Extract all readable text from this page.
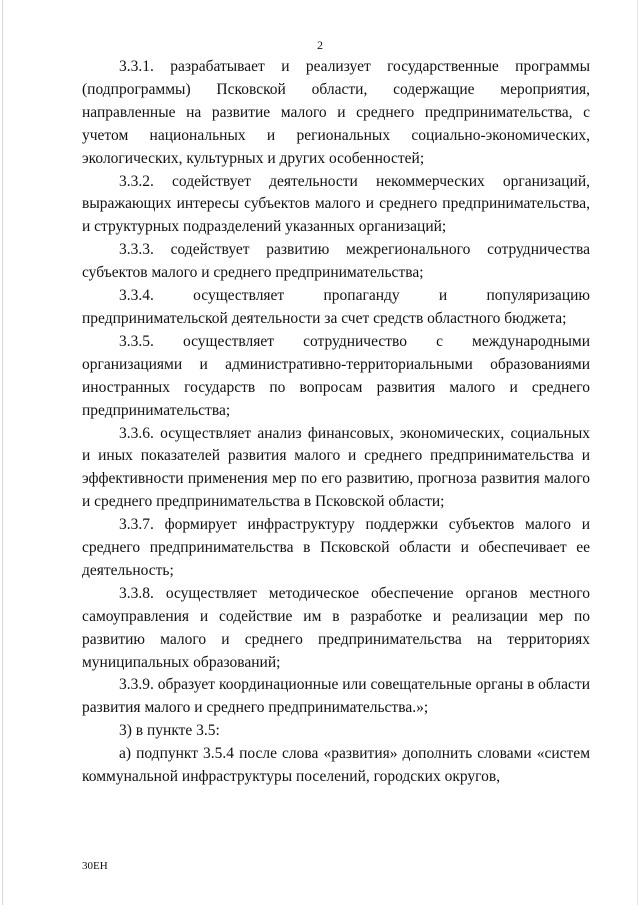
2

3.3.1. разрабатывает и реализует государственные программы (подпрограммы) Псковской области, содержащие мероприятия, направленные на развитие малого и среднего предпринимательства, с учетом национальных и региональных социально-экономических, экологических, культурных и других особенностей;

3.3.2. содействует деятельности некоммерческих организаций, выражающих интересы субъектов малого и среднего предпринимательства, и структурных подразделений указанных организаций;

3.3.3. содействует развитию межрегионального сотрудничества субъектов малого и среднего предпринимательства;

3.3.4. осуществляет пропаганду и популяризацию предпринимательской деятельности за счет средств областного бюджета;

3.3.5. осуществляет сотрудничество с международными организациями и административно-территориальными образованиями иностранных государств по вопросам развития малого и среднего предпринимательства;

3.3.6. осуществляет анализ финансовых, экономических, социальных и иных показателей развития малого и среднего предпринимательства и эффективности применения мер по его развитию, прогноза развития малого и среднего предпринимательства в Псковской области;

3.3.7. формирует инфраструктуру поддержки субъектов малого и среднего предпринимательства в Псковской области и обеспечивает ее деятельность;

3.3.8. осуществляет методическое обеспечение органов местного самоуправления и содействие им в разработке и реализации мер по развитию малого и среднего предпринимательства на территориях муниципальных образований;

3.3.9. образует координационные или совещательные органы в области развития малого и среднего предпринимательства.»;

3) в пункте 3.5:

а) подпункт 3.5.4 после слова «развития» дополнить словами «систем коммунальной инфраструктуры поселений, городских округов,

30ЕН
